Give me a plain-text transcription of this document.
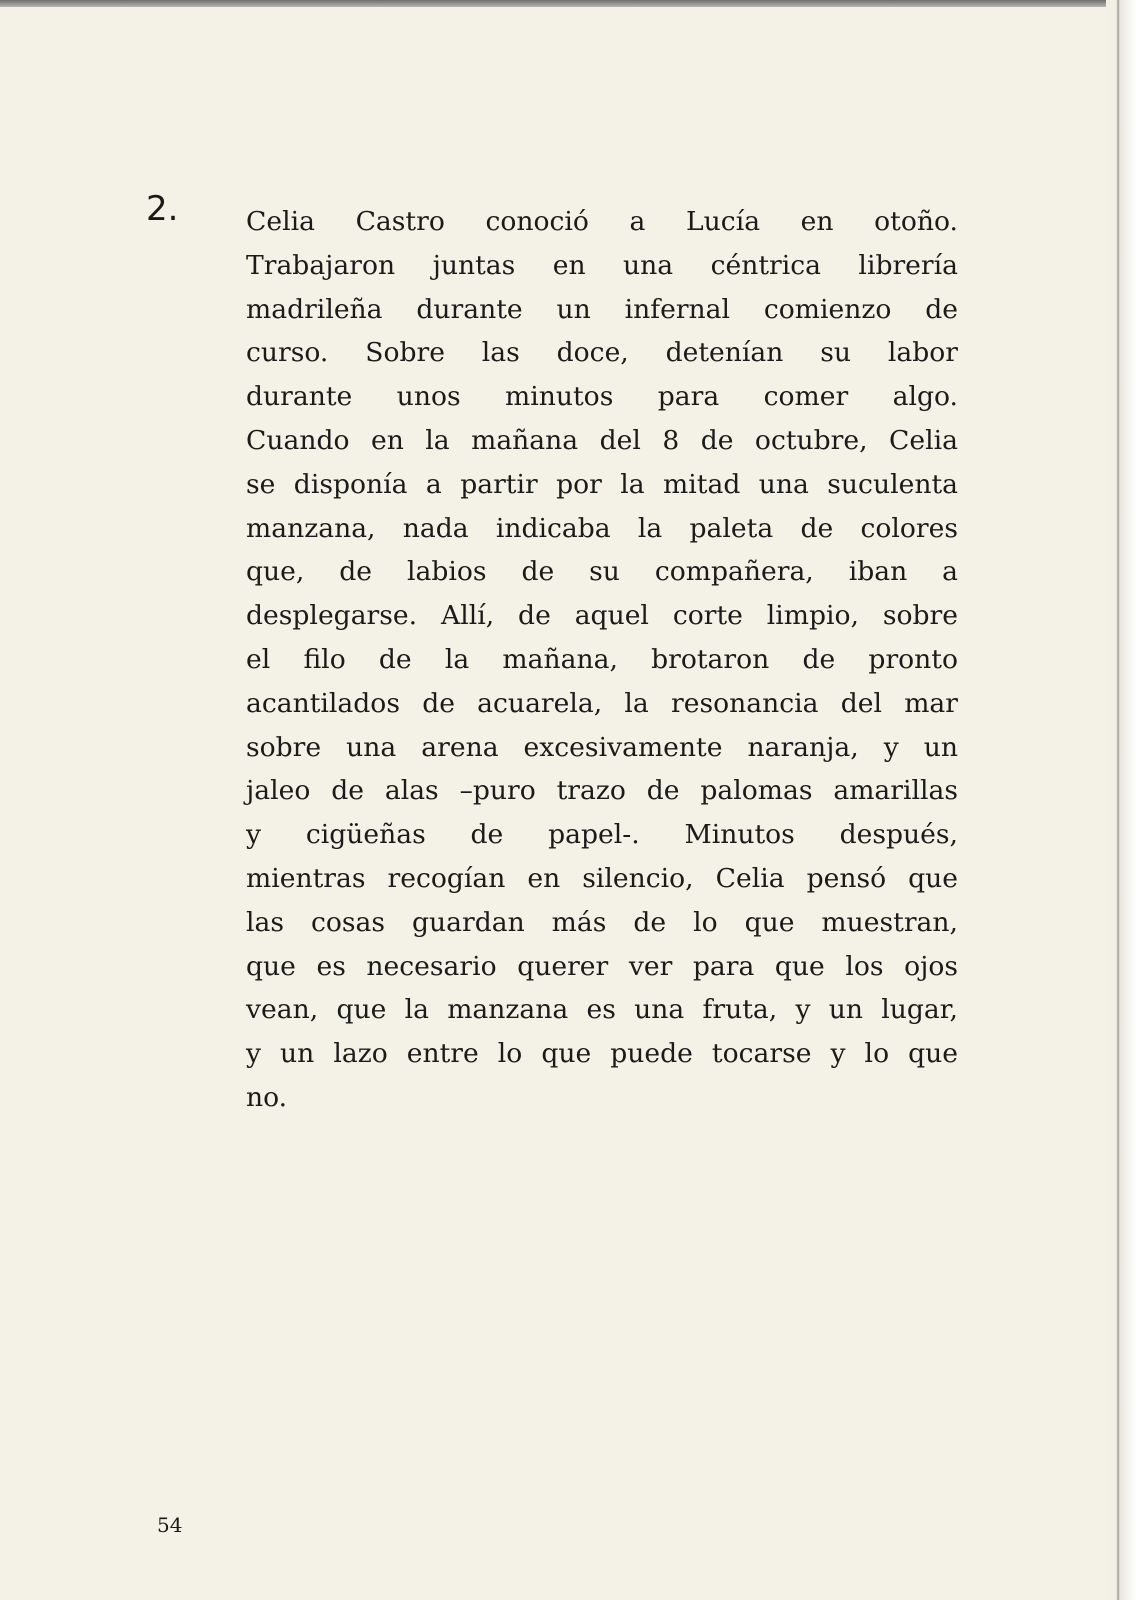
2.	Celia Castro conoció a Lucía en otoño.
Trabajaron juntas en una céntrica librería
madrileña durante un infernal comienzo de
curso. Sobre las doce, detenían su labor
durante unos minutos para comer algo.
Cuando en la mañana del 8 de octubre, Celia
se disponía a partir por la mitad una suculenta
manzana, nada indicaba la paleta de colores
que, de labios de su compañera, iban a
desplegarse. Allí, de aquel corte limpio, sobre
el filo de la mañana, brotaron de pronto
acantilados de acuarela, la resonancia del mar
sobre una arena excesivamente naranja, y un
jaleo de alas –puro trazo de palomas amarillas
y cigüeñas de papel-. Minutos después,
mientras recogían en silencio, Celia pensó que
las cosas guardan más de lo que muestran,
que es necesario querer ver para que los ojos
vean, que la manzana es una fruta, y un lugar,
y un lazo entre lo que puede tocarse y lo que
no.
54
